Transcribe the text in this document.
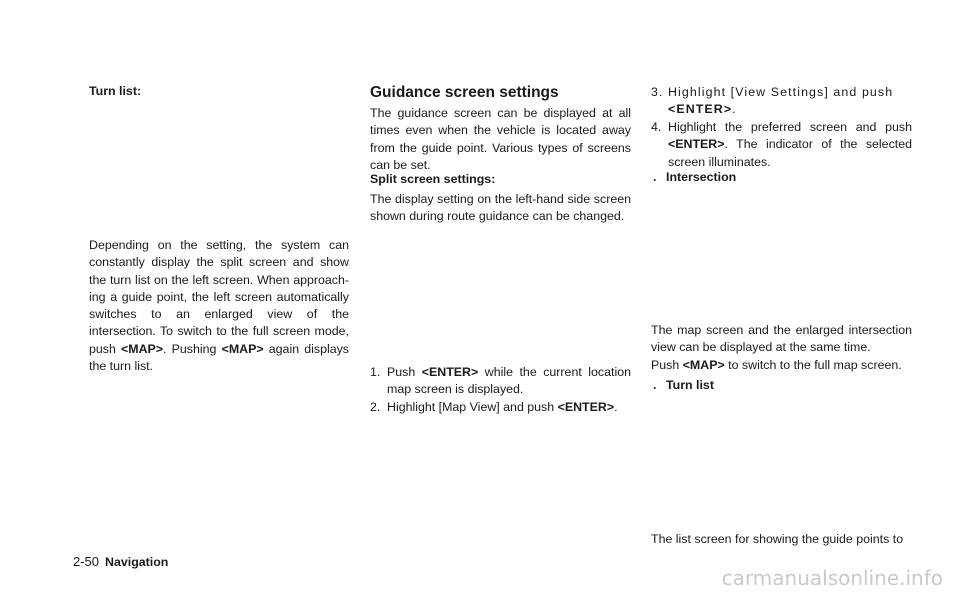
Turn list:

Depending on the setting, the system can constantly display the split screen and show the turn list on the left screen. When approach- ing a guide point, the left screen automatically switches to an enlarged view of the intersection. To switch to the full screen mode, push <MAP>. Pushing <MAP> again displays the turn list.

Guidance screen settings

The guidance screen can be displayed at all times even when the vehicle is located away from the guide point. Various types of screens can be set.

Split screen settings:

The display setting on the left-hand side screen shown during route guidance can be changed.

1. Push <ENTER> while the current location map screen is displayed.

2. Highlight [Map View] and push <ENTER>.

3. Highlight [View Settings] and push <ENTER>.

4. Highlight the preferred screen and push <ENTER>. The indicator of the selected screen illuminates.

. Intersection

The map screen and the enlarged intersection view can be displayed at the same time.

Push <MAP> to switch to the full map screen.

. Turn list

The list screen for showing the guide points to

2-50 Navigation
carmanualsonline.info
